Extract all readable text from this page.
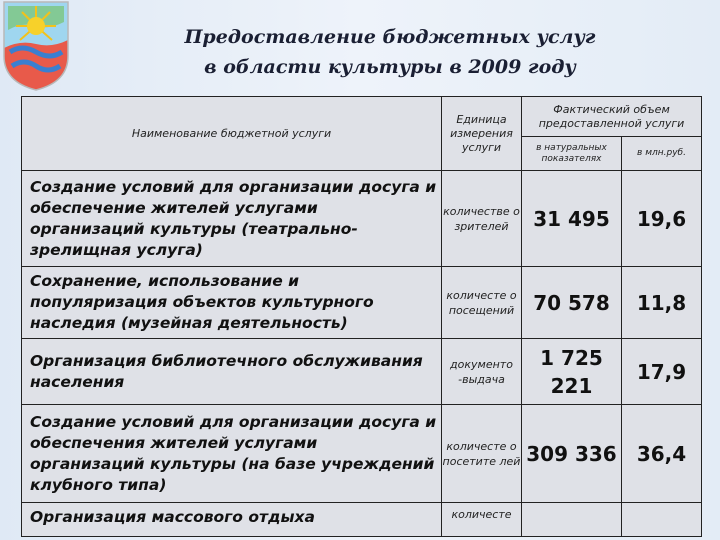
Предоставление бюджетных услуг
в области культуры в 2009 году
Наименование бюджетной услуги	Единица измерения услуги	Фактический объем предоставленной услуги	
		в натуральных показателях	в млн.руб.
Создание условий для организации досуга и обеспечение жителей услугами организаций культуры (театрально-зрелищная услуга)	количестве о зрителей	31 495	19,6
Сохранение, использование и популяризация объектов культурного наследия (музейная деятельность)	количесте о посещений	70 578	11,8
Организация библиотечного обслуживания населения	документо -выдача	1 725 221	17,9
Создание условий для организации досуга и обеспечения жителей услугами организаций культуры (на базе учреждений клубного типа)	количесте о посетите лей	309 336	36,4
Организация массового отдыха	количесте		
